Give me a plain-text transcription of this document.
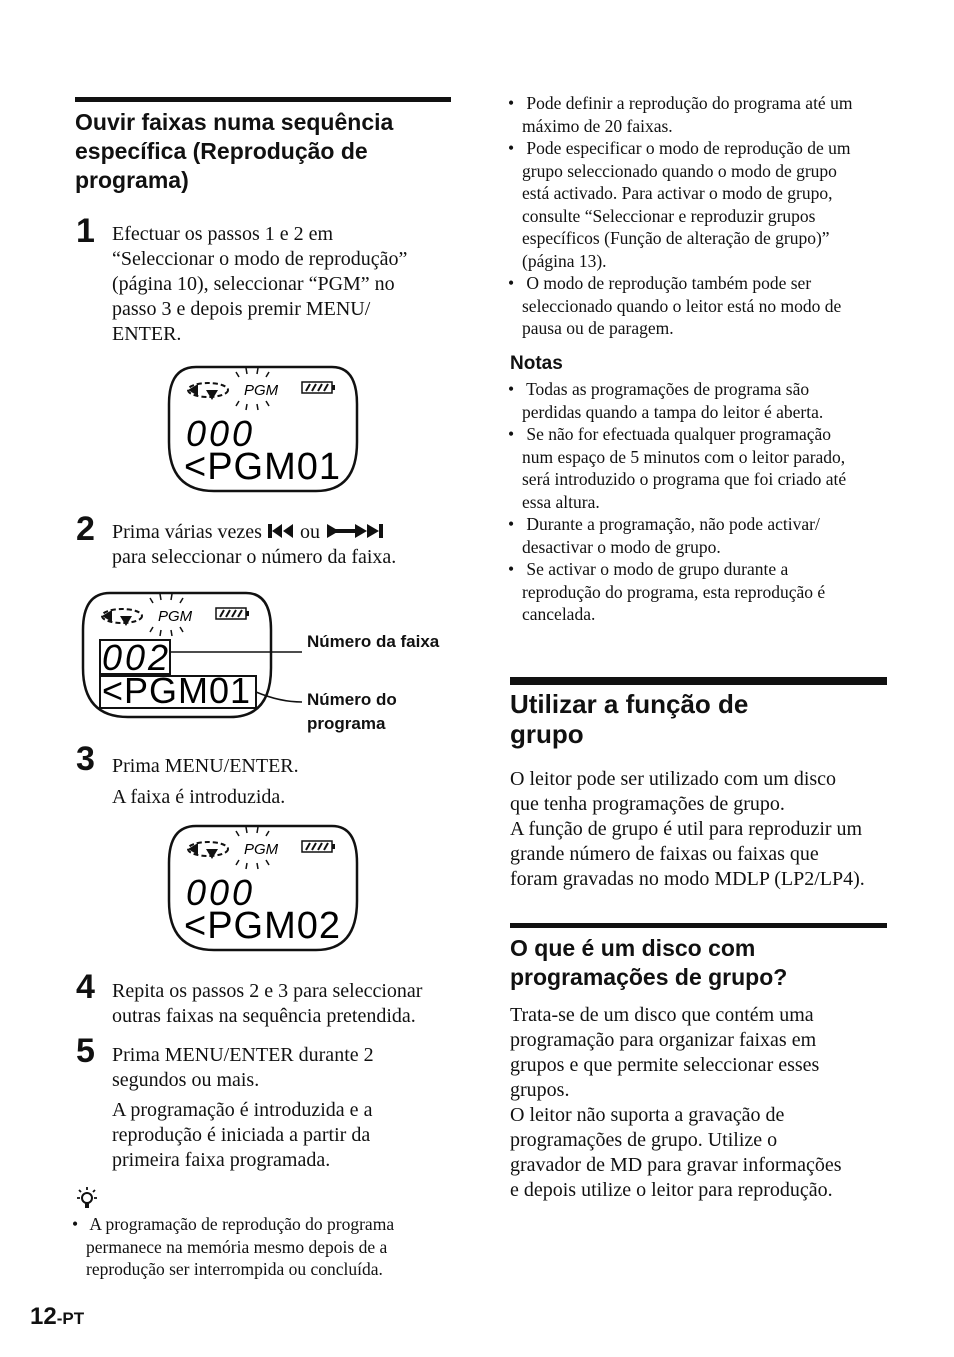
Ouvir faixas numa sequência
específica (Reprodução de
programa)
1 Efectuar os passos 1 e 2 em
“Seleccionar o modo de reprodução”
(página 10), seleccionar “PGM” no
passo 3 e depois premir MENU/
ENTER.
PGM
000
<PGM01
2 Prima várias vezes ou
para seleccionar o número da faixa.
PGM
002
<PGM01
Número da faixa
Número do
programa
3 Prima MENU/ENTER.
A faixa é introduzida.
PGM
000
<PGM02
4 Repita os passos 2 e 3 para seleccionar
outras faixas na sequência pretendida.
5 Prima MENU/ENTER durante 2
segundos ou mais.
A programação é introduzida e a
reprodução é iniciada a partir da
primeira faixa programada.
• A programação de reprodução do programa
permanece na memória mesmo depois de a
reprodução ser interrompida ou concluída.
12-PT
• Pode definir a reprodução do programa até um
máximo de 20 faixas.
• Pode especificar o modo de reprodução de um
grupo seleccionado quando o modo de grupo
está activado. Para activar o modo de grupo,
consulte “Seleccionar e reproduzir grupos
específicos (Função de alteração de grupo)”
(página 13).
• O modo de reprodução também pode ser
seleccionado quando o leitor está no modo de
pausa ou de paragem.
Notas
• Todas as programações de programa são
perdidas quando a tampa do leitor é aberta.
• Se não for efectuada qualquer programação
num espaço de 5 minutos com o leitor parado,
será introduzido o programa que foi criado até
essa altura.
• Durante a programação, não pode activar/
desactivar o modo de grupo.
• Se activar o modo de grupo durante a
reprodução do programa, esta reprodução é
cancelada.
Utilizar a função de
grupo
O leitor pode ser utilizado com um disco
que tenha programações de grupo.
A função de grupo é util para reproduzir um
grande número de faixas ou faixas que
foram gravadas no modo MDLP (LP2/LP4).
O que é um disco com
programações de grupo?
Trata-se de um disco que contém uma
programação para organizar faixas em
grupos e que permite seleccionar esses
grupos.
O leitor não suporta a gravação de
programações de grupo. Utilize o
gravador de MD para gravar informações
e depois utilize o leitor para reprodução.
